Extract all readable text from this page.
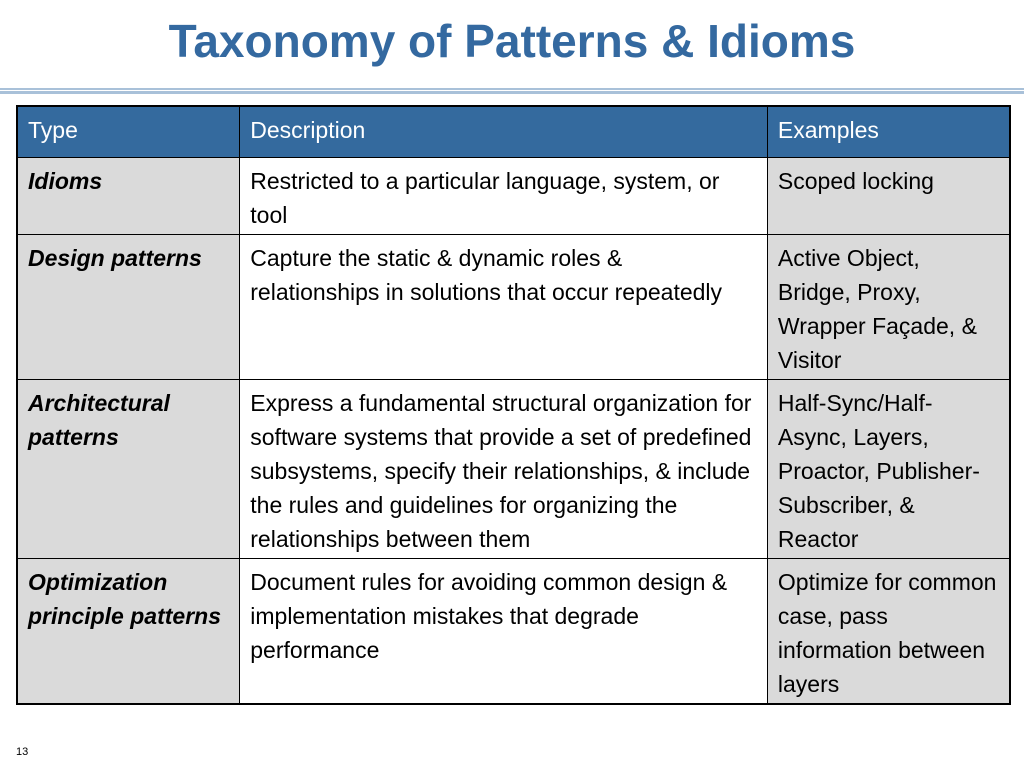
Taxonomy of Patterns & Idioms
Type	Description	Examples
Idioms	Restricted to a particular language, system, or tool	Scoped locking
Design patterns	Capture the static & dynamic roles & relationships in solutions that occur repeatedly	Active Object, Bridge, Proxy, Wrapper Façade, & Visitor
Architectural patterns	Express a fundamental structural organization for software systems that provide a set of predefined subsystems, specify their relationships, & include the rules and guidelines for organizing the relationships between them	Half-Sync/Half-Async, Layers, Proactor, Publisher-Subscriber, & Reactor
Optimization principle patterns	Document rules for avoiding common design & implementation mistakes that degrade performance	Optimize for common case, pass information between layers
13
